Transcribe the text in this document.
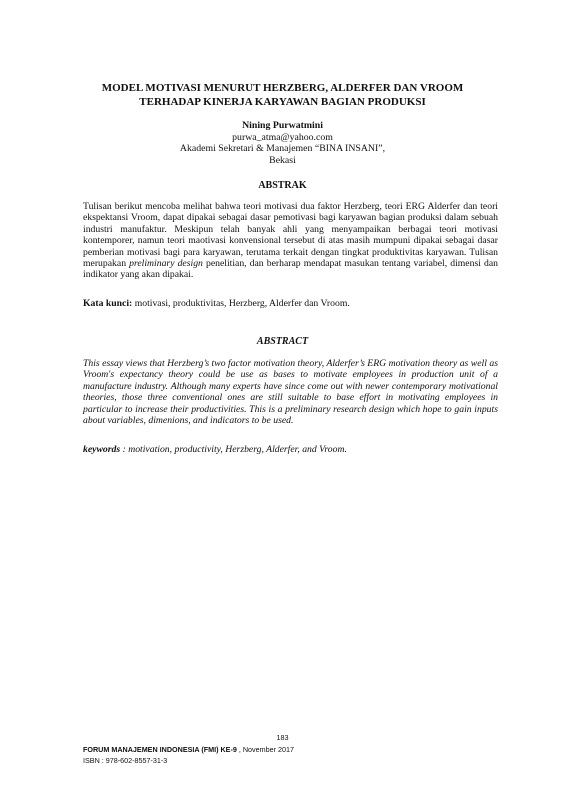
MODEL MOTIVASI MENURUT HERZBERG, ALDERFER DAN VROOM
TERHADAP KINERJA KARYAWAN BAGIAN PRODUKSI
Nining Purwatmini
purwa_atma@yahoo.com
Akademi Sekretari & Manajemen “BINA INSANI”,
Bekasi
ABSTRAK
Tulisan berikut mencoba melihat bahwa teori motivasi dua faktor Herzberg, teori ERG Alderfer dan teori ekspektansi Vroom, dapat dipakai sebagai dasar pemotivasi bagi karyawan bagian produksi dalam sebuah industri manufaktur. Meskipun telah banyak ahli yang menyampaikan berbagai teori motivasi kontemporer, namun teori maotivasi konvensional tersebut di atas masih mumpuni dipakai sebagai dasar pemberian motivasi bagi para karyawan, terutama terkait dengan tingkat produktivitas karyawan. Tulisan merupakan preliminary design penelitian, dan berharap mendapat masukan tentang variabel, dimensi dan indikator yang akan dipakai.
Kata kunci: motivasi, produktivitas, Herzberg, Alderfer dan Vroom.
ABSTRACT
This essay views that Herzberg’s two factor motivation theory, Alderfer’s ERG motivation theory as well as Vroom's expectancy theory could be use as bases to motivate employees in production unit of a manufacture industry. Although many experts have since come out with newer contemporary motivational theories, those three conventional ones are still suitable to base effort in motivating employees in particular to increase their productivities. This is a preliminary research design which hope to gain inputs about variables, dimenions, and indicators to be used.
keywords : motivation, productivity, Herzberg, Alderfer, and Vroom.
183
FORUM MANAJEMEN INDONESIA (FMI) KE-9 , November 2017
ISBN : 978-602-8557-31-3
